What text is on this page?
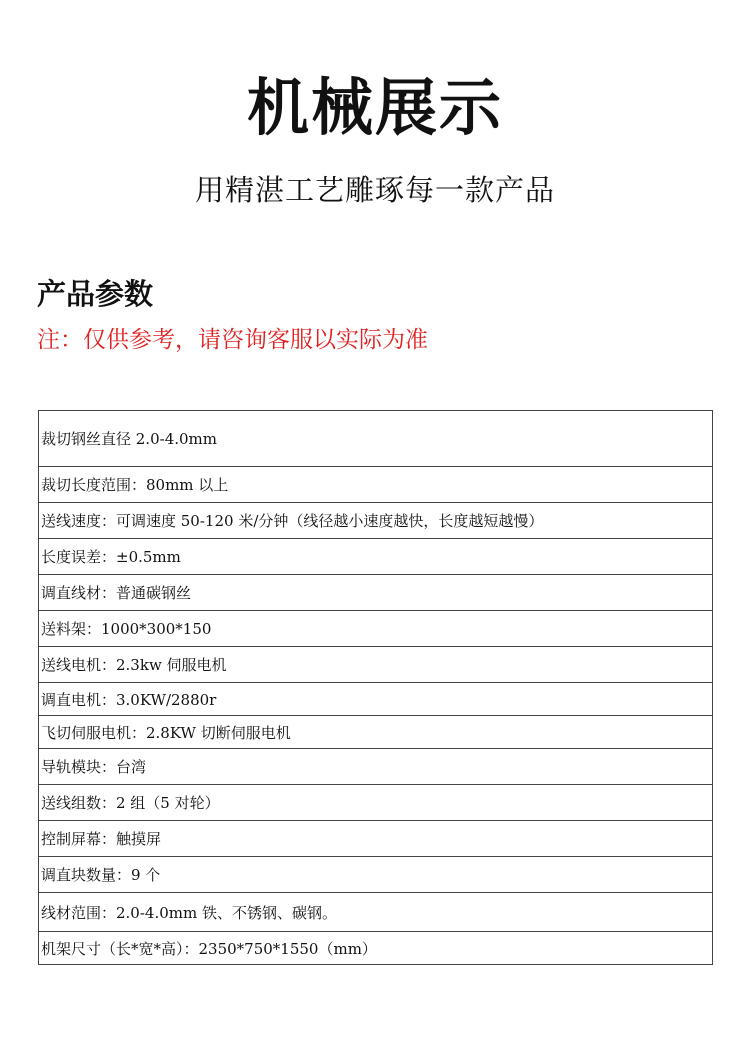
机械展示
用精湛工艺雕琢每一款产品
产品参数
注：仅供参考，请咨询客服以实际为准
裁切钢丝直径 2.0-4.0mm
裁切长度范围：80mm 以上
送线速度：可调速度 50-120 米/分钟（线径越小速度越快，长度越短越慢）
长度误差：±0.5mm
调直线材：普通碳钢丝
送料架：1000*300*150
送线电机：2.3kw 伺服电机
调直电机：3.0KW/2880r
飞切伺服电机：2.8KW 切断伺服电机
导轨模块：台湾
送线组数：2 组（5 对轮）
控制屏幕：触摸屏
调直块数量：9 个
线材范围：2.0-4.0mm 铁、不锈钢、碳钢。
机架尺寸（长*宽*高）：2350*750*1550（mm）
